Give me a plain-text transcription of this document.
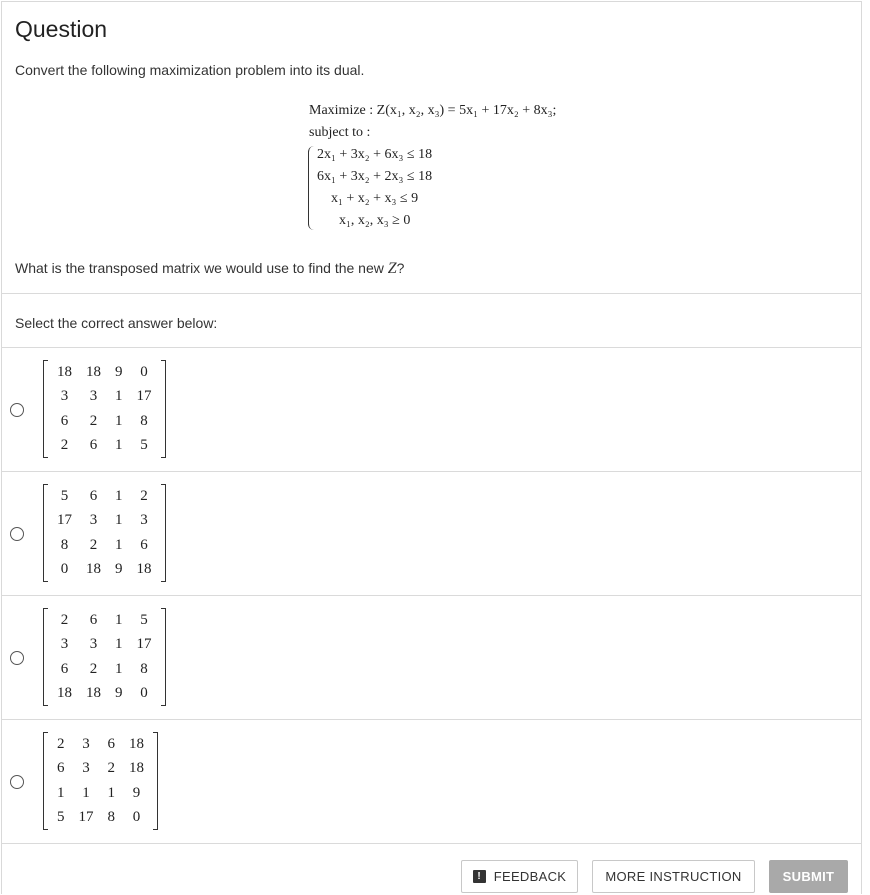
Question
Convert the following maximization problem into its dual.
Maximize : Z(x₁, x₂, x₃) = 5x₁ + 17x₂ + 8x₃;
subject to :
2x₁ + 3x₂ + 6x₃ ≤ 18
6x₁ + 3x₂ + 2x₃ ≤ 18
x₁ + x₂ + x₃ ≤ 9
x₁, x₂, x₃ ≥ 0
What is the transposed matrix we would use to find the new Z?
Select the correct answer below:
18	18	9	0
3	3	1	17
6	2	1	8
2	6	1	5
5	6	1	2
17	3	1	3
8	2	1	6
0	18	9	18
2	6	1	5
3	3	1	17
6	2	1	8
18	18	9	0
2	3	6	18
6	3	2	18
1	1	1	9
5	17	8	0
! FEEDBACK	MORE INSTRUCTION	SUBMIT
